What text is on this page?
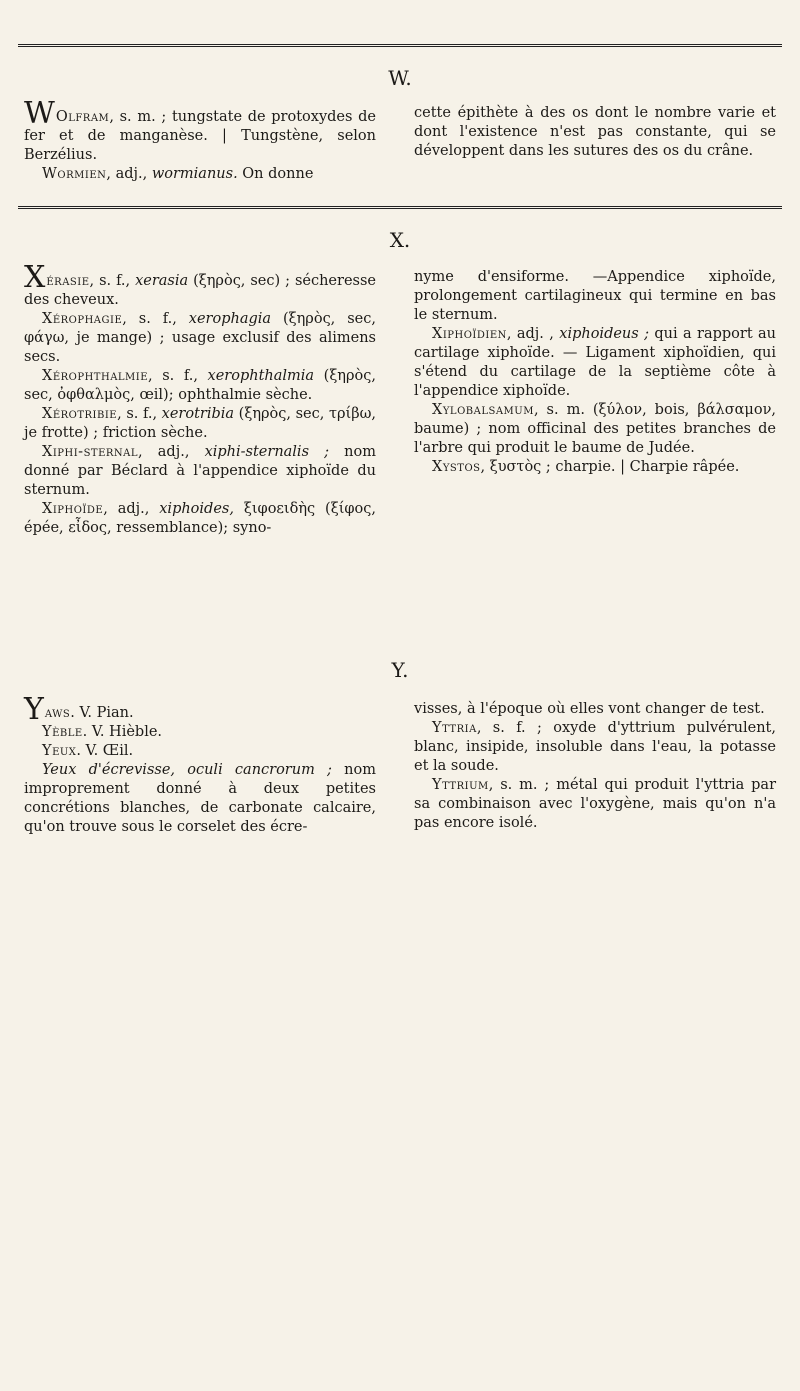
W.

WOlfram, s. m. ; tungstate de protoxydes de fer et de manganèse. | Tungstène, selon Berzélius.

Wormien, adj., wormianus. On donne

cette épithète à des os dont le nombre varie et dont l'existence n'est pas constante, qui se développent dans les sutures des os du crâne.

X.

Xérasie, s. f., xerasia (ξηρὸς, sec) ; sécheresse des cheveux.

Xérophagie, s. f., xerophagia (ξηρὸς, sec, φάγω, je mange) ; usage exclusif des alimens secs.

Xérophthalmie, s. f., xerophthalmia (ξηρὸς, sec, ὀφθαλμὸς, œil); ophthalmie sèche.

Xérotribie, s. f., xerotribia (ξηρὸς, sec, τρίβω, je frotte) ; friction sèche.

Xiphi-sternal, adj., xiphi-sternalis ; nom donné par Béclard à l'appendice xiphoïde du sternum.

Xiphoïde, adj., xiphoides, ξιφοειδὴς (ξίφος, épée, εἶδος, ressemblance); syno-

nyme d'ensiforme. —Appendice xiphoïde, prolongement cartilagineux qui termine en bas le sternum.

Xiphoïdien, adj. , xiphoideus ; qui a rapport au cartilage xiphoïde. — Ligament xiphoïdien, qui s'étend du cartilage de la septième côte à l'appendice xiphoïde.

Xylobalsamum, s. m. (ξύλον, bois, βάλσαμον, baume) ; nom officinal des petites branches de l'arbre qui produit le baume de Judée.

Xystos, ξυστὸς ; charpie. | Charpie râpée.

Y.

Yaws. V. Pian.

Yèble. V. Hièble.

Yeux. V. Œil.

Yeux d'écrevisse, oculi cancrorum ; nom improprement donné à deux petites concrétions blanches, de carbonate calcaire, qu'on trouve sous le corselet des écre-

visses, à l'époque où elles vont changer de test.

Yttria, s. f. ; oxyde d'yttrium pulvérulent, blanc, insipide, insoluble dans l'eau, la potasse et la soude.

Yttrium, s. m. ; métal qui produit l'yttria par sa combinaison avec l'oxygène, mais qu'on n'a pas encore isolé.
